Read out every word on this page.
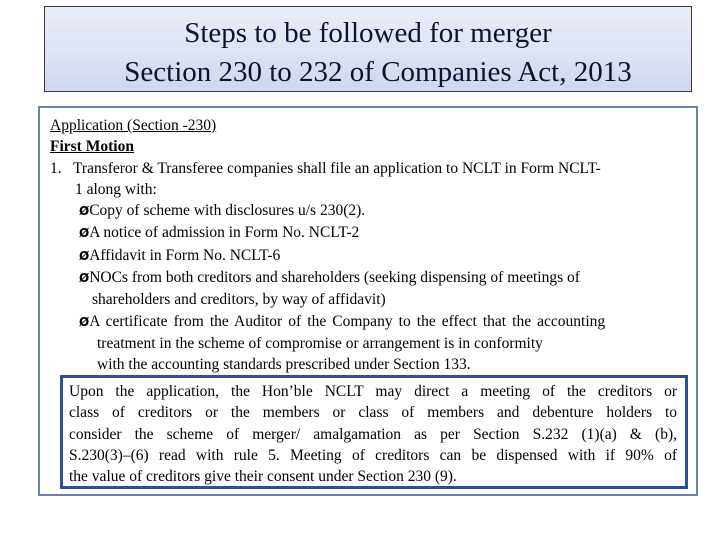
Steps to be followed for merger
Section 230 to 232 of Companies Act, 2013
Application (Section -230)
First Motion
1. Transferor & Transferee companies shall file an application to NCLT in Form NCLT-
1 along with:
ØCopy of scheme with disclosures u/s 230(2).
ØA notice of admission in Form No. NCLT-2
ØAffidavit in Form No. NCLT-6
ØNOCs from both creditors and shareholders (seeking dispensing of meetings of
shareholders and creditors, by way of affidavit)
ØA certificate from the Auditor of the Company to the effect that the accounting
treatment in the scheme of compromise or arrangement is in conformity
with the accounting standards prescribed under Section 133.
Upon the application, the Hon’ble NCLT may direct a meeting of the creditors or
class of creditors or the members or class of members and debenture holders to
consider the scheme of merger/ amalgamation as per Section S.232 (1)(a) & (b),
S.230(3)–(6) read with rule 5. Meeting of creditors can be dispensed with if 90% of
the value of creditors give their consent under Section 230 (9).
